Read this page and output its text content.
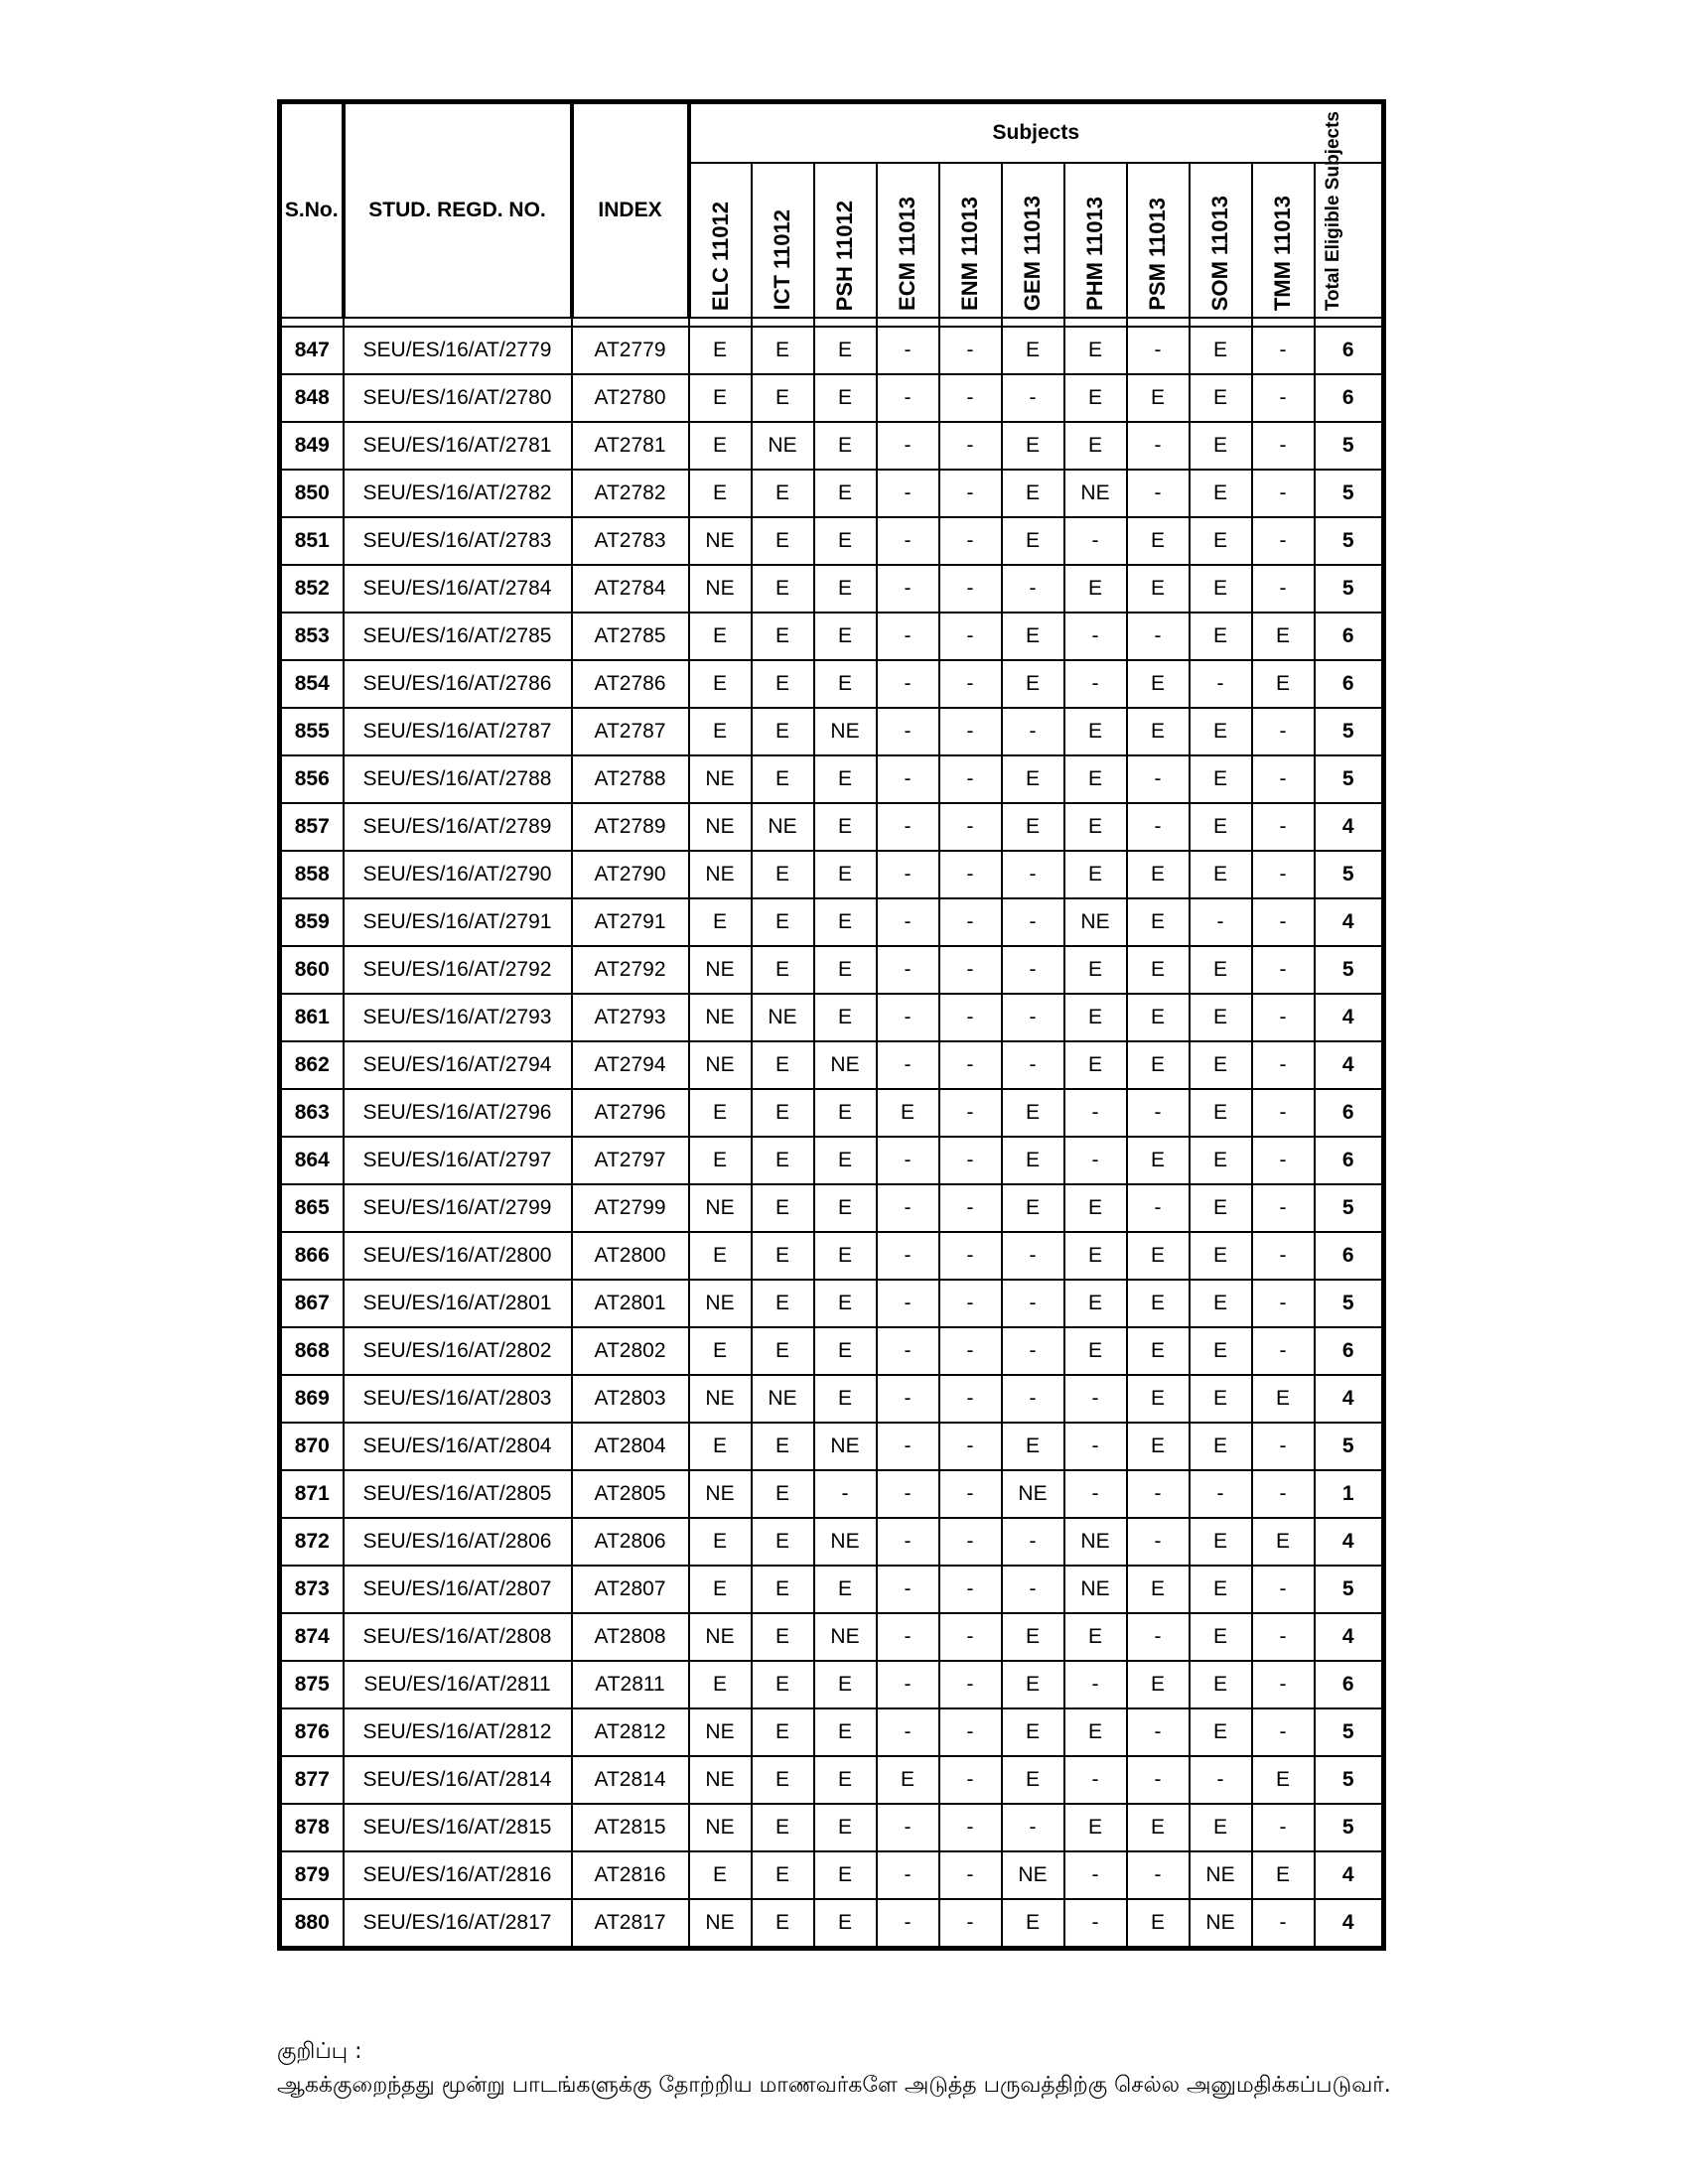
S.No.	STUD. REGD. NO.	INDEX	Subjects										

			ELC 11012	ICT 11012	PSH 11012	ECM 11013	ENM 11013	GEM 11013	PHM 11013	PSM 11013	SOM 11013	TMM 11013	Total Eligible Subjects

847	SEU/ES/16/AT/2779	AT2779	E	E	E	-	-	E	E	-	E	-	6
848	SEU/ES/16/AT/2780	AT2780	E	E	E	-	-	-	E	E	E	-	6
849	SEU/ES/16/AT/2781	AT2781	E	NE	E	-	-	E	E	-	E	-	5
850	SEU/ES/16/AT/2782	AT2782	E	E	E	-	-	E	NE	-	E	-	5
851	SEU/ES/16/AT/2783	AT2783	NE	E	E	-	-	E	-	E	E	-	5
852	SEU/ES/16/AT/2784	AT2784	NE	E	E	-	-	-	E	E	E	-	5
853	SEU/ES/16/AT/2785	AT2785	E	E	E	-	-	E	-	-	E	E	6
854	SEU/ES/16/AT/2786	AT2786	E	E	E	-	-	E	-	E	-	E	6
855	SEU/ES/16/AT/2787	AT2787	E	E	NE	-	-	-	E	E	E	-	5
856	SEU/ES/16/AT/2788	AT2788	NE	E	E	-	-	E	E	-	E	-	5
857	SEU/ES/16/AT/2789	AT2789	NE	NE	E	-	-	E	E	-	E	-	4
858	SEU/ES/16/AT/2790	AT2790	NE	E	E	-	-	-	E	E	E	-	5
859	SEU/ES/16/AT/2791	AT2791	E	E	E	-	-	-	NE	E	-	-	4
860	SEU/ES/16/AT/2792	AT2792	NE	E	E	-	-	-	E	E	E	-	5
861	SEU/ES/16/AT/2793	AT2793	NE	NE	E	-	-	-	E	E	E	-	4
862	SEU/ES/16/AT/2794	AT2794	NE	E	NE	-	-	-	E	E	E	-	4
863	SEU/ES/16/AT/2796	AT2796	E	E	E	E	-	E	-	-	E	-	6
864	SEU/ES/16/AT/2797	AT2797	E	E	E	-	-	E	-	E	E	-	6
865	SEU/ES/16/AT/2799	AT2799	NE	E	E	-	-	E	E	-	E	-	5
866	SEU/ES/16/AT/2800	AT2800	E	E	E	-	-	-	E	E	E	-	6
867	SEU/ES/16/AT/2801	AT2801	NE	E	E	-	-	-	E	E	E	-	5
868	SEU/ES/16/AT/2802	AT2802	E	E	E	-	-	-	E	E	E	-	6
869	SEU/ES/16/AT/2803	AT2803	NE	NE	E	-	-	-	-	E	E	E	4
870	SEU/ES/16/AT/2804	AT2804	E	E	NE	-	-	E	-	E	E	-	5
871	SEU/ES/16/AT/2805	AT2805	NE	E	-	-	-	NE	-	-	-	-	1
872	SEU/ES/16/AT/2806	AT2806	E	E	NE	-	-	-	NE	-	E	E	4
873	SEU/ES/16/AT/2807	AT2807	E	E	E	-	-	-	NE	E	E	-	5
874	SEU/ES/16/AT/2808	AT2808	NE	E	NE	-	-	E	E	-	E	-	4
875	SEU/ES/16/AT/2811	AT2811	E	E	E	-	-	E	-	E	E	-	6
876	SEU/ES/16/AT/2812	AT2812	NE	E	E	-	-	E	E	-	E	-	5
877	SEU/ES/16/AT/2814	AT2814	NE	E	E	E	-	E	-	-	-	E	5
878	SEU/ES/16/AT/2815	AT2815	NE	E	E	-	-	-	E	E	E	-	5
879	SEU/ES/16/AT/2816	AT2816	E	E	E	-	-	NE	-	-	NE	E	4
880	SEU/ES/16/AT/2817	AT2817	NE	E	E	-	-	E	-	E	NE	-	4
குறிப்பு :
ஆகக்குறைந்தது மூன்று பாடங்களுக்கு தோற்றிய மாணவர்களே அடுத்த பருவத்திற்கு செல்ல அனுமதிக்கப்படுவர்.
